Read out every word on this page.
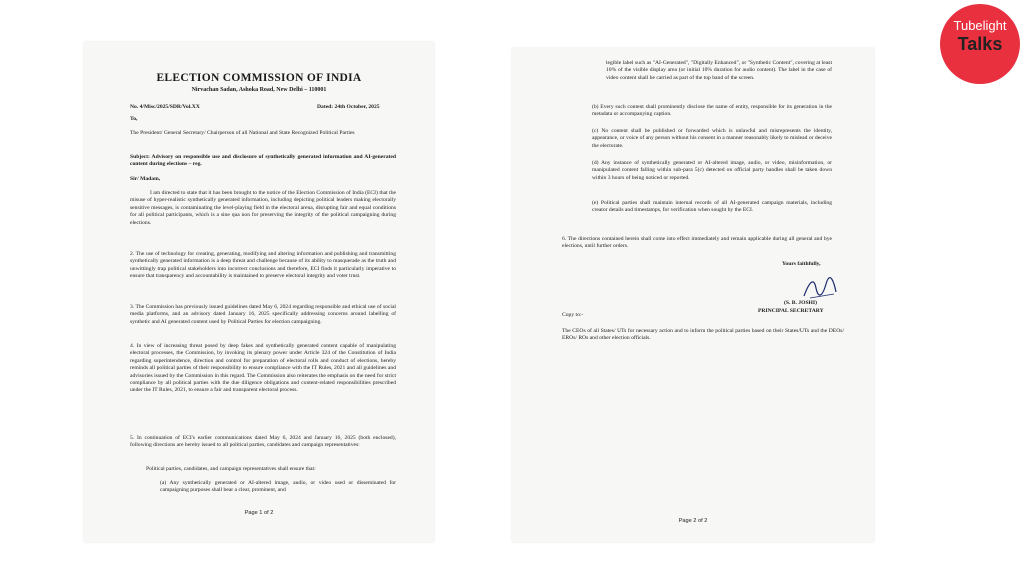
ELECTION COMMISSION OF INDIA

Nirvachan Sadan, Ashoka Road, New Delhi – 110001

No. 4/Misc/2025/SDR/Vol.XX	Dated: 24th October, 2025

To,

The President/ General Secretary/ Chairperson of all National and State Recognized Political Parties

Subject: Advisory on responsible use and disclosure of synthetically generated information and AI-generated content during elections – reg.

Sir/ Madam,

I am directed to state that it has been brought to the notice of the Election Commission of India (ECI) that the misuse of hyper-realistic synthetically generated information, including depicting political leaders making electorally sensitive messages, is contaminating the level-playing field in the electoral arena, disrupting fair and equal conditions for all political participants, which is a sine qua non for preserving the integrity of the political campaigning during elections.

2. The use of technology for creating, generating, modifying and altering information and publishing and transmitting synthetically generated information is a deep threat and challenge because of its ability to masquerade as the truth and unwittingly trap political stakeholders into incorrect conclusions and therefore, ECI finds it particularly imperative to ensure that transparency and accountability is maintained to preserve electoral integrity and voter trust.

3. The Commission has previously issued guidelines dated May 6, 2024 regarding responsible and ethical use of social media platforms, and an advisory dated January 16, 2025 specifically addressing concerns around labelling of synthetic and AI generated content used by Political Parties for election campaigning.

4. In view of increasing threat posed by deep fakes and synthetically generated content capable of manipulating electoral processes, the Commission, by invoking its plenary power under Article 324 of the Constitution of India regarding superintendence, direction and control for preparation of electoral rolls and conduct of elections, hereby reminds all political parties of their responsibility to ensure compliance with the IT Rules, 2021 and all guidelines and advisories issued by the Commission in this regard. The Commission also reiterates the emphasis on the need for strict compliance by all political parties with the due diligence obligations and content-related responsibilities prescribed under the IT Rules, 2021, to ensure a fair and transparent electoral process.

5. In continuation of ECI's earlier communications dated May 6, 2024 and January 16, 2025 (both enclosed), following directions are hereby issued to all political parties, candidates and campaign representatives:

Political parties, candidates, and campaign representatives shall ensure that:

(a) Any synthetically generated or AI-altered image, audio, or video used or disseminated for campaigning purposes shall bear a clear, prominent, and

Page 1 of 2

legible label such as "AI-Generated", "Digitally Enhanced", or "Synthetic Content", covering at least 10% of the visible display area (or initial 10% duration for audio content). The label in the case of video content shall be carried as part of the top band of the screen.

(b) Every such content shall prominently disclose the name of entity, responsible for its generation in the metadata or accompanying caption.

(c) No content shall be published or forwarded which is unlawful and misrepresents the identity, appearance, or voice of any person without his consent in a manner reasonably likely to mislead or deceive the electorate.

(d) Any instance of synthetically generated or AI-altered image, audio, or video, misinformation, or manipulated content falling within sub-para 5(c) detected on official party handles shall be taken down within 3 hours of being noticed or reported.

(e) Political parties shall maintain internal records of all AI-generated campaign materials, including creator details and timestamps, for verification when sought by the ECI.

6. The directions contained herein shall come into effect immediately and remain applicable during all general and bye elections, until further orders.

Yours faithfully,

(S. B. JOSHI)

PRINCIPAL SECRETARY

Copy to:-

The CEOs of all States/ UTs for necessary action and to inform the political parties based on their States/UTs and the DEOs/ EROs/ ROs and other election officials.

Page 2 of 2

Tubelight
Talks
